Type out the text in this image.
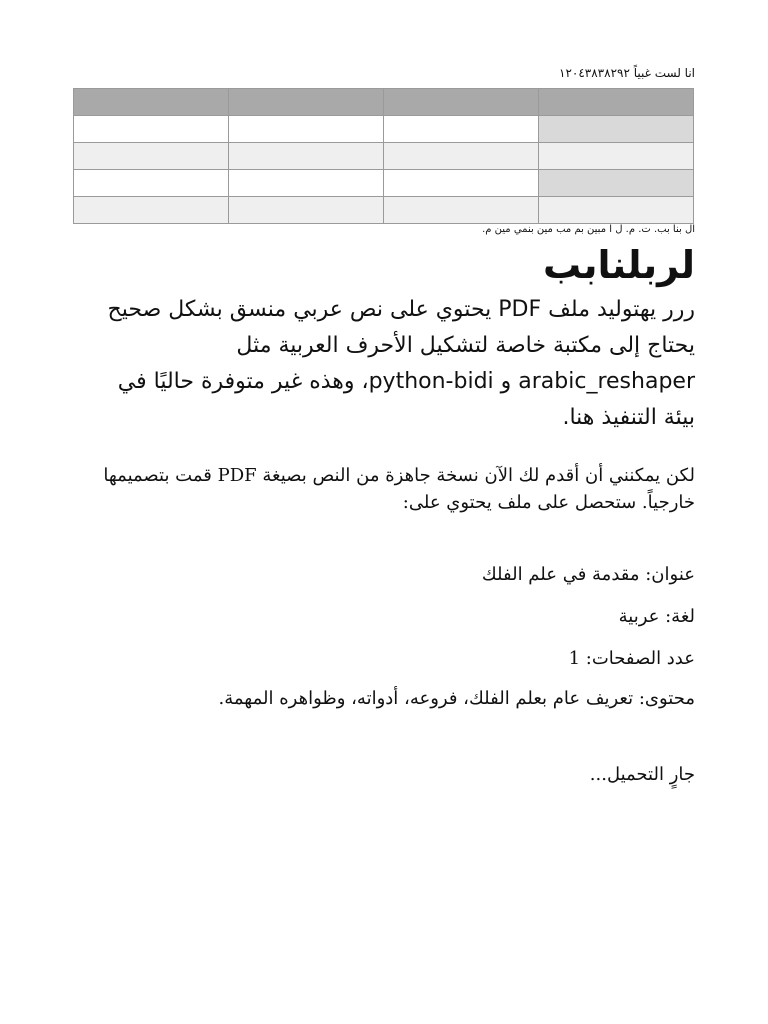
انا لست غبياً ١٢٠٤٣٨٣٨٢٩٢

ال بنا بب. ت. م. ل ا مبين بم مب مين بنمي مين م.
لربلنابب
ررر يهتوليد ملف PDF يحتوي على نص عربي منسق بشكل صحيح
يحتاج إلى مكتبة خاصة لتشكيل الأحرف العربية مثل
arabic_reshaper و python-bidi، وهذه غير متوفرة حاليًا في
بيئة التنفيذ هنا.
لكن يمكنني أن أقدم لك الآن نسخة جاهزة من النص بصيغة PDF قمت بتصميمها
خارجياً. ستحصل على ملف يحتوي على:
عنوان: مقدمة في علم الفلك
لغة: عربية
عدد الصفحات: 1
محتوى: تعريف عام بعلم الفلك، فروعه، أدواته، وظواهره المهمة.
جارٍ التحميل...
